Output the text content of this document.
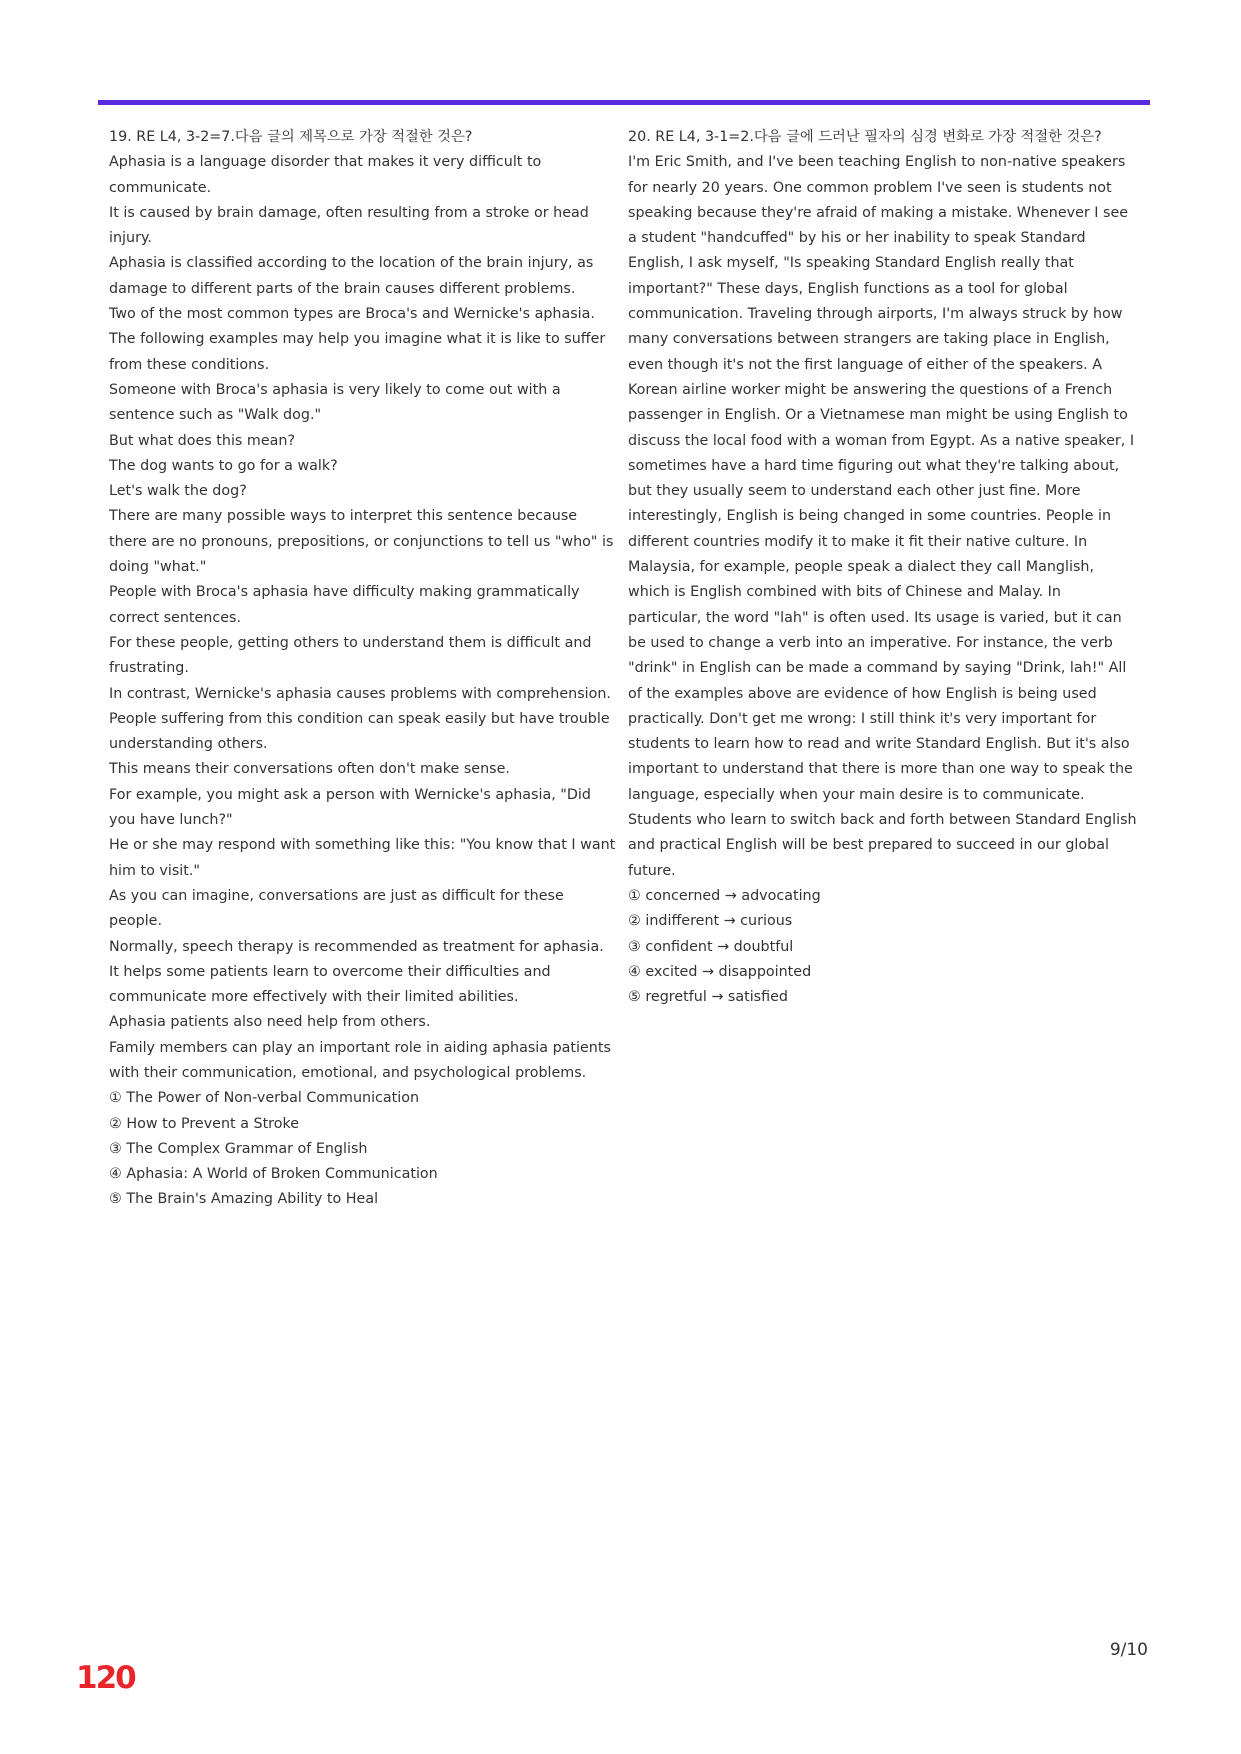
19. RE L4, 3-2=7.다음 글의 제목으로 가장 적절한 것은?

Aphasia is a language disorder that makes it very difficult to communicate.

It is caused by brain damage, often resulting from a stroke or head injury.

Aphasia is classified according to the location of the brain injury, as damage to different parts of the brain causes different problems.

Two of the most common types are Broca's and Wernicke's aphasia.

The following examples may help you imagine what it is like to suffer from these conditions.

Someone with Broca's aphasia is very likely to come out with a sentence such as "Walk dog."

But what does this mean?

The dog wants to go for a walk?

Let's walk the dog?

There are many possible ways to interpret this sentence because there are no pronouns, prepositions, or conjunctions to tell us "who" is doing "what."

People with Broca's aphasia have difficulty making grammatically correct sentences.

For these people, getting others to understand them is difficult and frustrating.

In contrast, Wernicke's aphasia causes problems with comprehension.

People suffering from this condition can speak easily but have trouble understanding others.

This means their conversations often don't make sense.

For example, you might ask a person with Wernicke's aphasia, "Did you have lunch?"

He or she may respond with something like this: "You know that I want him to visit."

As you can imagine, conversations are just as difficult for these people.

Normally, speech therapy is recommended as treatment for aphasia.

It helps some patients learn to overcome their difficulties and communicate more effectively with their limited abilities.

Aphasia patients also need help from others.

Family members can play an important role in aiding aphasia patients with their communication, emotional, and psychological problems.

① The Power of Non-verbal Communication
② How to Prevent a Stroke
③ The Complex Grammar of English
④ Aphasia: A World of Broken Communication
⑤ The Brain's Amazing Ability to Heal

20. RE L4, 3-1=2.다음 글에 드러난 필자의 심경 변화로 가장 적절한 것은?

I'm Eric Smith, and I've been teaching English to non-native speakers for nearly 20 years. One common problem I've seen is students not speaking because they're afraid of making a mistake. Whenever I see a student "handcuffed" by his or her inability to speak Standard English, I ask myself, "Is speaking Standard English really that important?" These days, English functions as a tool for global communication. Traveling through airports, I'm always struck by how many conversations between strangers are taking place in English, even though it's not the first language of either of the speakers. A Korean airline worker might be answering the questions of a French passenger in English. Or a Vietnamese man might be using English to discuss the local food with a woman from Egypt. As a native speaker, I sometimes have a hard time figuring out what they're talking about, but they usually seem to understand each other just fine. More interestingly, English is being changed in some countries. People in different countries modify it to make it fit their native culture. In Malaysia, for example, people speak a dialect they call Manglish, which is English combined with bits of Chinese and Malay. In particular, the word "lah" is often used. Its usage is varied, but it can be used to change a verb into an imperative. For instance, the verb "drink" in English can be made a command by saying "Drink, lah!" All of the examples above are evidence of how English is being used practically. Don't get me wrong: I still think it's very important for students to learn how to read and write Standard English. But it's also important to understand that there is more than one way to speak the language, especially when your main desire is to communicate. Students who learn to switch back and forth between Standard English and practical English will be best prepared to succeed in our global future.

① concerned → advocating
② indifferent → curious
③ confident → doubtful
④ excited → disappointed
⑤ regretful → satisfied
9/10
120
